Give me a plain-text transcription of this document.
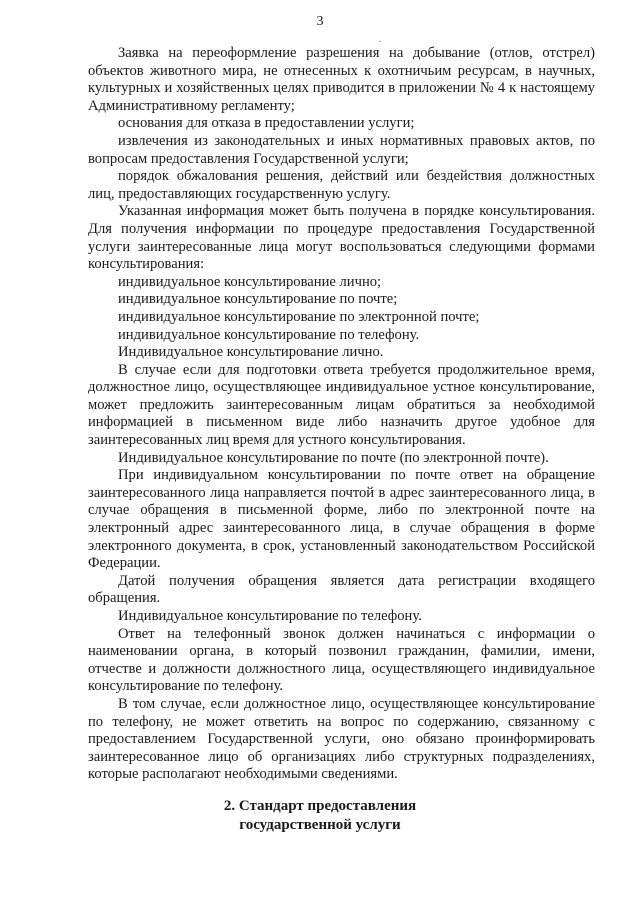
3
·

Заявка на переоформление разрешения на добывание (отлов, отстрел) объектов животного мира, не отнесенных к охотничьим ресурсам, в научных, культурных и хозяйственных целях приводится в приложении № 4 к настоящему Административному регламенту;

основания для отказа в предоставлении услуги;

извлечения из законодательных и иных нормативных правовых актов, по вопросам предоставления Государственной услуги;

порядок обжалования решения, действий или бездействия должностных лиц, предоставляющих государственную услугу.

Указанная информация может быть получена в порядке консультирования. Для получения информации по процедуре предоставления Государственной услуги заинтересованные лица могут воспользоваться следующими формами консультирования:

индивидуальное консультирование лично;

индивидуальное консультирование по почте;

индивидуальное консультирование по электронной почте;

индивидуальное консультирование по телефону.

Индивидуальное консультирование лично.

В случае если для подготовки ответа требуется продолжительное время, должностное лицо, осуществляющее индивидуальное устное консультирование, может предложить заинтересованным лицам обратиться за необходимой информацией в письменном виде либо назначить другое удобное для заинтересованных лиц время для устного консультирования.

Индивидуальное консультирование по почте (по электронной почте).

При индивидуальном консультировании по почте ответ на обращение заинтересованного лица направляется почтой в адрес заинтересованного лица, в случае обращения в письменной форме, либо по электронной почте на электронный адрес заинтересованного лица, в случае обращения в форме электронного документа, в срок, установленный законодательством Российской Федерации.

Датой получения обращения является дата регистрации входящего обращения.

Индивидуальное консультирование по телефону.

Ответ на телефонный звонок должен начинаться с информации о наименовании органа, в который позвонил гражданин, фамилии, имени, отчестве и должности должностного лица, осуществляющего индивидуальное консультирование по телефону.

В том случае, если должностное лицо, осуществляющее консультирование по телефону, не может ответить на вопрос по содержанию, связанному с предоставлением Государственной услуги, оно обязано проинформировать заинтересованное лицо об организациях либо структурных подразделениях, которые располагают необходимыми сведениями.

2. Стандарт предоставления
государственной услуги
